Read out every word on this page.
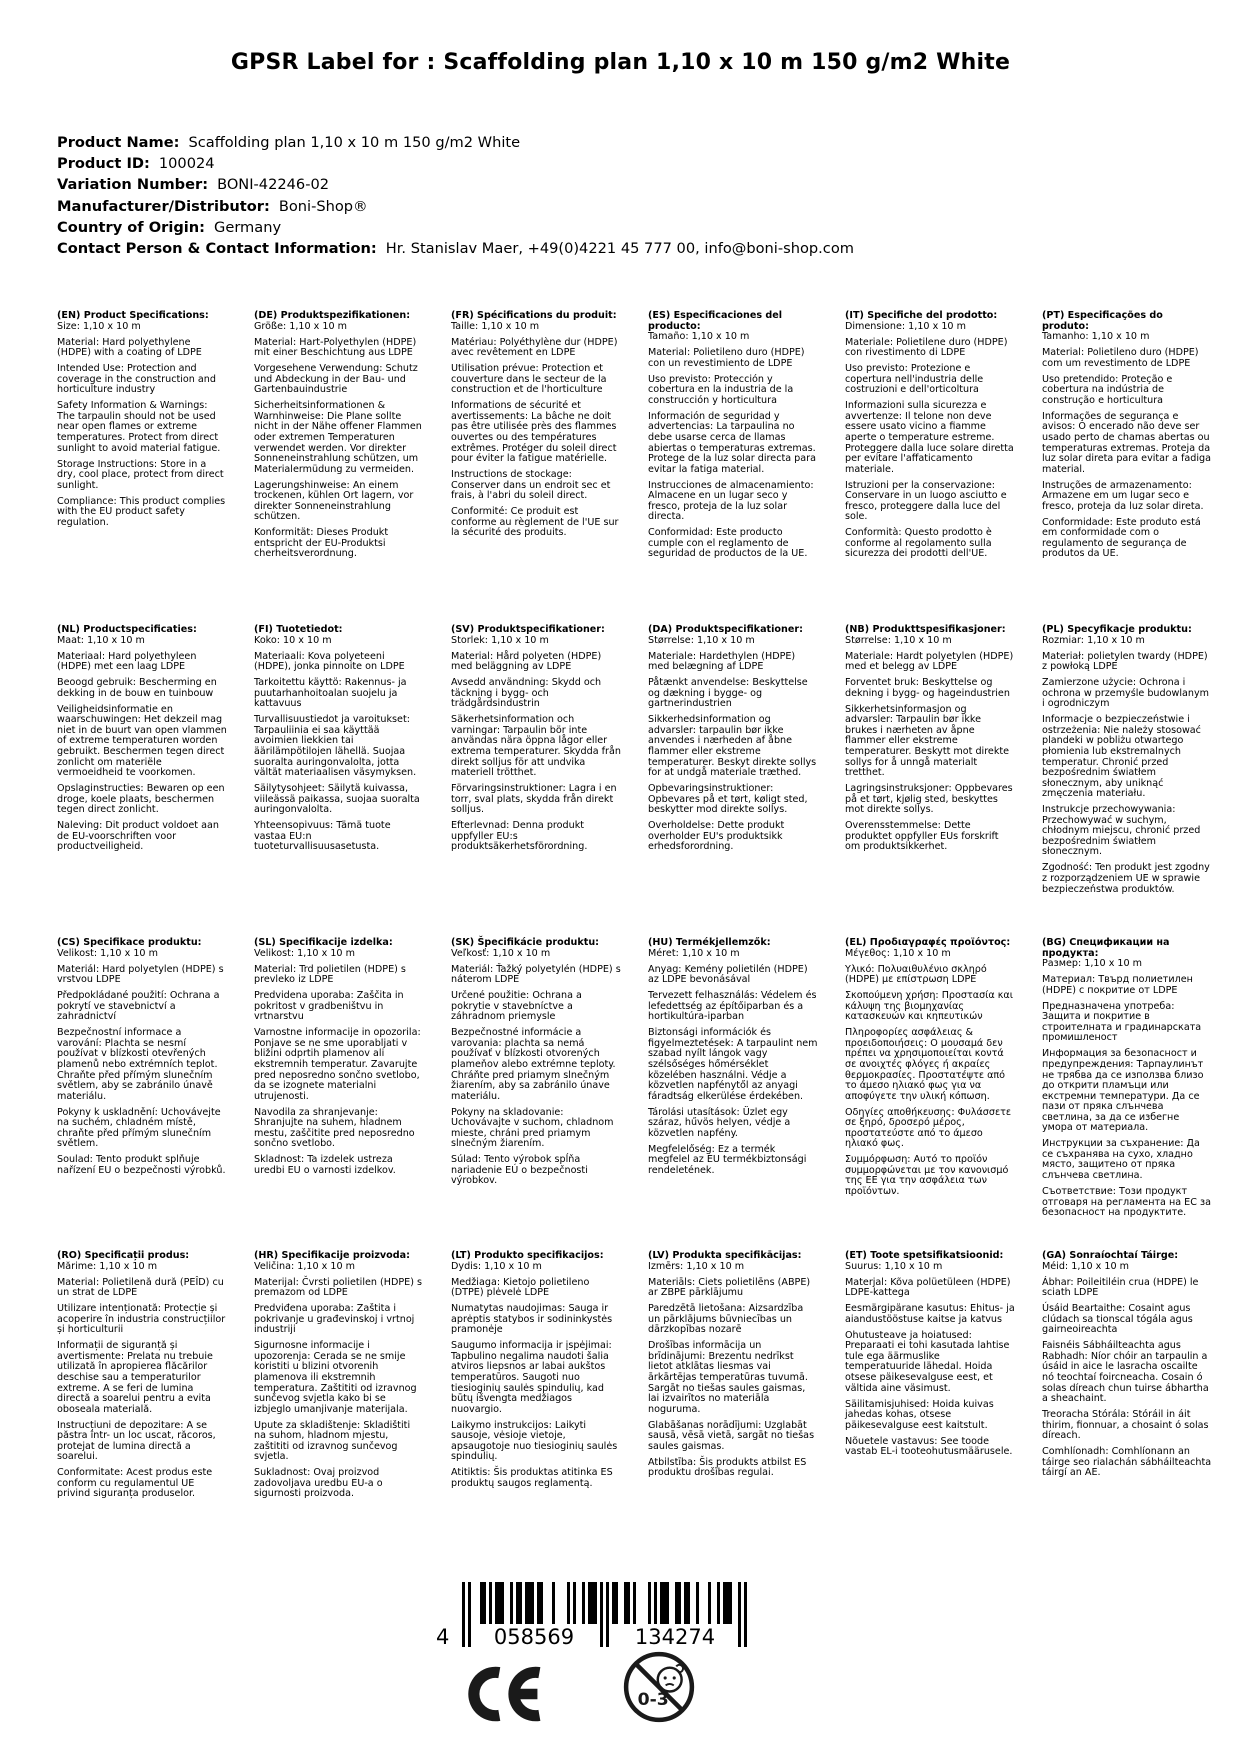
GPSR Label for : Scaffolding plan 1,10 x 10 m 150 g/m2 White
Product Name: Scaffolding plan 1,10 x 10 m 150 g/m2 White
Product ID: 100024
Variation Number: BONI-42246-02
Manufacturer/Distributor: Boni-Shop®
Country of Origin: Germany
Contact Person & Contact Information: Hr. Stanislav Maer, +49(0)4221 45 777 00, info@boni-shop.com
(EN) Product Specifications:

Size: 1,10 x 10 m

Material: Hard polyethylene (HDPE) with a coating of LDPE

Intended Use: Protection and coverage in the construction and horticulture industry

Safety Information & Warnings: The tarpaulin should not be used near open flames or extreme temperatures. Protect from direct sunlight to avoid material fatigue.

Storage Instructions: Store in a dry, cool place, protect from direct sunlight.

Compliance: This product complies with the EU product safety regulation.

(DE) Produktspezifikationen:

Größe: 1,10 x 10 m

Material: Hart-Polyethylen (HDPE) mit einer Beschichtung aus LDPE

Vorgesehene Verwendung: Schutz und Abdeckung in der Bau- und Gartenbauindustrie

Sicherheitsinformationen & Warnhinweise: Die Plane sollte nicht in der Nähe offener Flammen oder extremen Temperaturen verwendet werden. Vor direkter Sonneneinstrahlung schützen, um Materialermüdung zu vermeiden.

Lagerungshinweise: An einem trockenen, kühlen Ort lagern, vor direkter Sonneneinstrahlung schützen.

Konformität: Dieses Produkt entspricht der EU-Produktsi cherheitsverordnung.

(FR) Spécifications du produit:

Taille: 1,10 x 10 m

Matériau: Polyéthylène dur (HDPE) avec revêtement en LDPE

Utilisation prévue: Protection et couverture dans le secteur de la construction et de l'horticulture

Informations de sécurité et avertissements: La bâche ne doit pas être utilisée près des flammes ouvertes ou des températures extrêmes. Protéger du soleil direct pour éviter la fatigue matérielle.

Instructions de stockage: Conserver dans un endroit sec et frais, à l'abri du soleil direct.

Conformité: Ce produit est conforme au règlement de l'UE sur la sécurité des produits.

(ES) Especificaciones del producto:

Tamaño: 1,10 x 10 m

Material: Polietileno duro (HDPE) con un revestimiento de LDPE

Uso previsto: Protección y cobertura en la industria de la construcción y horticultura

Información de seguridad y advertencias: La tarpaulina no debe usarse cerca de llamas abiertas o temperaturas extremas. Protege de la luz solar directa para evitar la fatiga material.

Instrucciones de almacenamiento: Almacene en un lugar seco y fresco, proteja de la luz solar directa.

Conformidad: Este producto cumple con el reglamento de seguridad de productos de la UE.

(IT) Specifiche del prodotto:

Dimensione: 1,10 x 10 m

Materiale: Polietilene duro (HDPE) con rivestimento di LDPE

Uso previsto: Protezione e copertura nell'industria delle costruzioni e dell'orticoltura

Informazioni sulla sicurezza e avvertenze: Il telone non deve essere usato vicino a fiamme aperte o temperature estreme. Proteggere dalla luce solare diretta per evitare l'affaticamento materiale.

Istruzioni per la conservazione: Conservare in un luogo asciutto e fresco, proteggere dalla luce del sole.

Conformità: Questo prodotto è conforme al regolamento sulla sicurezza dei prodotti dell'UE.

(PT) Especificações do produto:

Tamanho: 1,10 x 10 m

Material: Polietileno duro (HDPE) com um revestimento de LDPE

Uso pretendido: Proteção e cobertura na indústria de construção e horticultura

Informações de segurança e avisos: O encerado não deve ser usado perto de chamas abertas ou temperaturas extremas. Proteja da luz solar direta para evitar a fadiga material.

Instruções de armazenamento: Armazene em um lugar seco e fresco, proteja da luz solar direta.

Conformidade: Este produto está em conformidade com o regulamento de segurança de produtos da UE.

(NL) Productspecificaties:

Maat: 1,10 x 10 m

Materiaal: Hard polyethyleen (HDPE) met een laag LDPE

Beoogd gebruik: Bescherming en dekking in de bouw en tuinbouw

Veiligheidsinformatie en waarschuwingen: Het dekzeil mag niet in de buurt van open vlammen of extreme temperaturen worden gebruikt. Beschermen tegen direct zonlicht om materiële vermoeidheid te voorkomen.

Opslaginstructies: Bewaren op een droge, koele plaats, beschermen tegen direct zonlicht.

Naleving: Dit product voldoet aan de EU-voorschriften voor productveiligheid.

(FI) Tuotetiedot:

Koko: 10 x 10 m

Materiaali: Kova polyeteeni (HDPE), jonka pinnoite on LDPE

Tarkoitettu käyttö: Rakennus- ja puutarhanhoitoalan suojelu ja kattavuus

Turvallisuustiedot ja varoitukset: Tarpauliinia ei saa käyttää avoimien liekkien tai äärilämpötilojen lähellä. Suojaa suoralta auringonvalolta, jotta vältät materiaalisen väsymyksen.

Säilytysohjeet: Säilytä kuivassa, viileässä paikassa, suojaa suoralta auringonvalolta.

Yhteensopivuus: Tämä tuote vastaa EU:n tuoteturvallisuusasetusta.

(SV) Produktspecifikationer:

Storlek: 1,10 x 10 m

Material: Hård polyeten (HDPE) med beläggning av LDPE

Avsedd användning: Skydd och täckning i bygg- och trädgårdsindustrin

Säkerhetsinformation och varningar: Tarpaulin bör inte användas nära öppna lågor eller extrema temperaturer. Skydda från direkt solljus för att undvika materiell trötthet.

Förvaringsinstruktioner: Lagra i en torr, sval plats, skydda från direkt solljus.

Efterlevnad: Denna produkt uppfyller EU:s produktsäkerhetsförordning.

(DA) Produktspecifikationer:

Størrelse: 1,10 x 10 m

Materiale: Hardethylen (HDPE) med belægning af LDPE

Påtænkt anvendelse: Beskyttelse og dækning i bygge- og gartnerindustrien

Sikkerhedsinformation og advarsler: tarpaulin bør ikke anvendes i nærheden af åbne flammer eller ekstreme temperaturer. Beskyt direkte sollys for at undgå materiale træthed.

Opbevaringsinstruktioner: Opbevares på et tørt, køligt sted, beskytter mod direkte sollys.

Overholdelse: Dette produkt overholder EU's produktsikk erhedsforordning.

(NB) Produkttspesifikasjoner:

Størrelse: 1,10 x 10 m

Materiale: Hardt polyetylen (HDPE) med et belegg av LDPE

Forventet bruk: Beskyttelse og dekning i bygg- og hageindustrien

Sikkerhetsinformasjon og advarsler: Tarpaulin bør ikke brukes i nærheten av åpne flammer eller ekstreme temperaturer. Beskytt mot direkte sollys for å unngå materialt tretthet.

Lagringsinstruksjoner: Oppbevares på et tørt, kjølig sted, beskyttes mot direkte sollys.

Overensstemmelse: Dette produktet oppfyller EUs forskrift om produktsikkerhet.

(PL) Specyfikacje produktu:

Rozmiar: 1,10 x 10 m

Materiał: polietylen twardy (HDPE) z powłoką LDPE

Zamierzone użycie: Ochrona i ochrona w przemyśle budowlanym i ogrodniczym

Informacje o bezpieczeństwie i ostrzeżenia: Nie należy stosować plandeki w pobliżu otwartego płomienia lub ekstremalnych temperatur. Chronić przed bezpośrednim światłem słonecznym, aby uniknąć zmęczenia materiału.

Instrukcje przechowywania: Przechowywać w suchym, chłodnym miejscu, chronić przed bezpośrednim światłem słonecznym.

Zgodność: Ten produkt jest zgodny z rozporządzeniem UE w sprawie bezpieczeństwa produktów.

(CS) Specifikace produktu:

Velikost: 1,10 x 10 m

Materiál: Hard polyetylen (HDPE) s vrstvou LDPE

Předpokládané použití: Ochrana a pokrytí ve stavebnictví a zahradnictví

Bezpečnostní informace a varování: Plachta se nesmí používat v blízkosti otevřených plamenů nebo extrémních teplot. Chraňte před přímým slunečním světlem, aby se zabránilo únavě materiálu.

Pokyny k uskladnění: Uchovávejte na suchém, chladném místě, chraňte před přímým slunečním světlem.

Soulad: Tento produkt splňuje nařízení EU o bezpečnosti výrobků.

(SL) Specifikacije izdelka:

Velikost: 1,10 x 10 m

Material: Trd polietilen (HDPE) s prevleko iz LDPE

Predvidena uporaba: Zaščita in pokritost v gradbeništvu in vrtnarstvu

Varnostne informacije in opozorila: Ponjave se ne sme uporabljati v bližini odprtih plamenov ali ekstremnih temperatur. Zavarujte pred neposredno sončno svetlobo, da se izognete materialni utrujenosti.

Navodila za shranjevanje: Shranjujte na suhem, hladnem mestu, zaščitite pred neposredno sončno svetlobo.

Skladnost: Ta izdelek ustreza uredbi EU o varnosti izdelkov.

(SK) Špecifikácie produktu:

Veľkosť: 1,10 x 10 m

Materiál: Ťažký polyetylén (HDPE) s náterom LDPE

Určené použitie: Ochrana a pokrytie v stavebníctve a záhradnom priemysle

Bezpečnostné informácie a varovania: plachta sa nemá používať v blízkosti otvorených plameňov alebo extrémne teploty. Chráňte pred priamym slnečným žiarením, aby sa zabránilo únave materiálu.

Pokyny na skladovanie: Uchovávajte v suchom, chladnom mieste, chráni pred priamym slnečným žiarením.

Súlad: Tento výrobok spĺňa nariadenie EÚ o bezpečnosti výrobkov.

(HU) Termékjellemzők:

Méret: 1,10 x 10 m

Anyag: Kemény polietilén (HDPE) az LDPE bevonásával

Tervezett felhasználás: Védelem és lefedettség az építőiparban és a hortikultúra-iparban

Biztonsági információk és figyelmeztetések: A tarpaulint nem szabad nyílt lángok vagy szélsőséges hőmérséklet közelében használni. Védje a közvetlen napfénytől az anyagi fáradtság elkerülése érdekében.

Tárolási utasítások: Üzlet egy száraz, hűvös helyen, védje a közvetlen napfény.

Megfelelőség: Ez a termék megfelel az EU termékbiztonsági rendeletének.

(EL) Προδιαγραφές προϊόντος:

Μέγεθος: 1,10 x 10 m

Υλικό: Πολυαιθυλένιο σκληρό (HDPE) με επίστρωση LDPE

Σκοπούμενη χρήση: Προστασία και κάλυψη της βιομηχανίας κατασκευών και κηπευτικών

Πληροφορίες ασφάλειας & προειδοποιήσεις: Ο μουσαμά δεν πρέπει να χρησιμοποιείται κοντά σε ανοιχτές φλόγες ή ακραίες θερμοκρασίες. Προστατέψτε από το άμεσο ηλιακό φως για να αποφύγετε την υλική κόπωση.

Οδηγίες αποθήκευσης: Φυλάσσετε σε ξηρό, δροσερό μέρος, προστατεύστε από το άμεσο ηλιακό φως.

Συμμόρφωση: Αυτό το προϊόν συμμορφώνεται με τον κανονισμό της ΕΕ για την ασφάλεια των προϊόντων.

(BG) Спецификации на продукта:

Размер: 1,10 x 10 m

Материал: Твърд полиетилен (HDPE) с покритие от LDPE

Предназначена употреба: Защита и покритие в строителната и градинарската промишленост

Информация за безопасност и предупреждения: Тарпаулинът не трябва да се използва близо до открити пламъци или екстремни температури. Да се пази от пряка слънчева светлина, за да се избегне умора от материала.

Инструкции за съхранение: Да се съхранява на сухо, хладно място, защитено от пряка слънчева светлина.

Съответствие: Този продукт отговаря на регламента на ЕС за безопасност на продуктите.

(RO) Specificații produs:

Mărime: 1,10 x 10 m

Material: Polietilenă dură (PEÎD) cu un strat de LDPE

Utilizare intenționată: Protecție și acoperire în industria construcțiilor și horticulturii

Informații de siguranță și avertismente: Prelata nu trebuie utilizată în apropierea flăcărilor deschise sau a temperaturilor extreme. A se feri de lumina directă a soarelui pentru a evita oboseala materială.

Instrucțiuni de depozitare: A se păstra într- un loc uscat, răcoros, protejat de lumina directă a soarelui.

Conformitate: Acest produs este conform cu regulamentul UE privind siguranța produselor.

(HR) Specifikacije proizvoda:

Veličina: 1,10 x 10 m

Materijal: Čvrsti polietilen (HDPE) s premazom od LDPE

Predviđena uporaba: Zaštita i pokrivanje u građevinskoj i vrtnoj industriji

Sigurnosne informacije i upozorenja: Cerada se ne smije koristiti u blizini otvorenih plamenova ili ekstremnih temperatura. Zaštititi od izravnog sunčevog svjetla kako bi se izbjeglo umanjivanje materijala.

Upute za skladištenje: Skladištiti na suhom, hladnom mjestu, zaštititi od izravnog sunčevog svjetla.

Sukladnost: Ovaj proizvod zadovoljava uredbu EU-a o sigurnosti proizvoda.

(LT) Produkto specifikacijos:

Dydis: 1,10 x 10 m

Medžiaga: Kietojo polietileno (DTPE) plėvelė LDPE

Numatytas naudojimas: Sauga ir aprėptis statybos ir sodininkystės pramonėje

Saugumo informacija ir įspėjimai: Tapbulino negalima naudoti šalia atviros liepsnos ar labai aukštos temperatūros. Saugoti nuo tiesioginių saulės spindulių, kad būtų išvengta medžiagos nuovargio.

Laikymo instrukcijos: Laikyti sausoje, vėsioje vietoje, apsaugotoje nuo tiesioginių saulės spindulių.

Atitiktis: Šis produktas atitinka ES produktų saugos reglamentą.

(LV) Produkta specifikācijas:

Izmērs: 1,10 x 10 m

Materiāls: Ciets polietilēns (ABPE) ar ZBPE pārklājumu

Paredzētā lietošana: Aizsardzība un pārklājums būvniecības un dārzkopības nozarē

Drošības informācija un brīdinājumi: Brezentu nedrīkst lietot atklātas liesmas vai ārkārtējas temperatūras tuvumā. Sargāt no tiešas saules gaismas, lai izvairītos no materiāla noguruma.

Glabāšanas norādījumi: Uzglabāt sausā, vēsā vietā, sargāt no tiešas saules gaismas.

Atbilstība: Šis produkts atbilst ES produktu drošības regulai.

(ET) Toote spetsifikatsioonid:

Suurus: 1,10 x 10 m

Materjal: Kõva polüetüleen (HDPE) LDPE-kattega

Eesmärgipärane kasutus: Ehitus- ja aiandustööstuse kaitse ja katvus

Ohutusteave ja hoiatused: Preparaati ei tohi kasutada lahtise tule ega äärmuslike temperatuuride lähedal. Hoida otsese päikesevalguse eest, et vältida aine väsimust.

Säilitamisjuhised: Hoida kuivas jahedas kohas, otsese päikesevalguse eest kaitstult.

Nõuetele vastavus: See toode vastab EL-i tooteohutusmäärusele.

(GA) Sonraíochtaí Táirge:

Méid: 1,10 x 10 m

Ábhar: Poileitiléin crua (HDPE) le sciath LDPE

Úsáid Beartaithe: Cosaint agus clúdach sa tionscal tógála agus gairneoireachta

Faisnéis Sábháilteachta agus Rabhadh: Níor chóir an tarpaulin a úsáid in aice le lasracha oscailte nó teochtaí foircneacha. Cosain ó solas díreach chun tuirse ábhartha a sheachaint.

Treoracha Stórála: Stóráil in áit thirim, fionnuar, a chosaint ó solas díreach.

Comhlíonadh: Comhlíonann an táirge seo rialachán sábháilteachta táirgí an AE.

4 058569	134274
0-3
